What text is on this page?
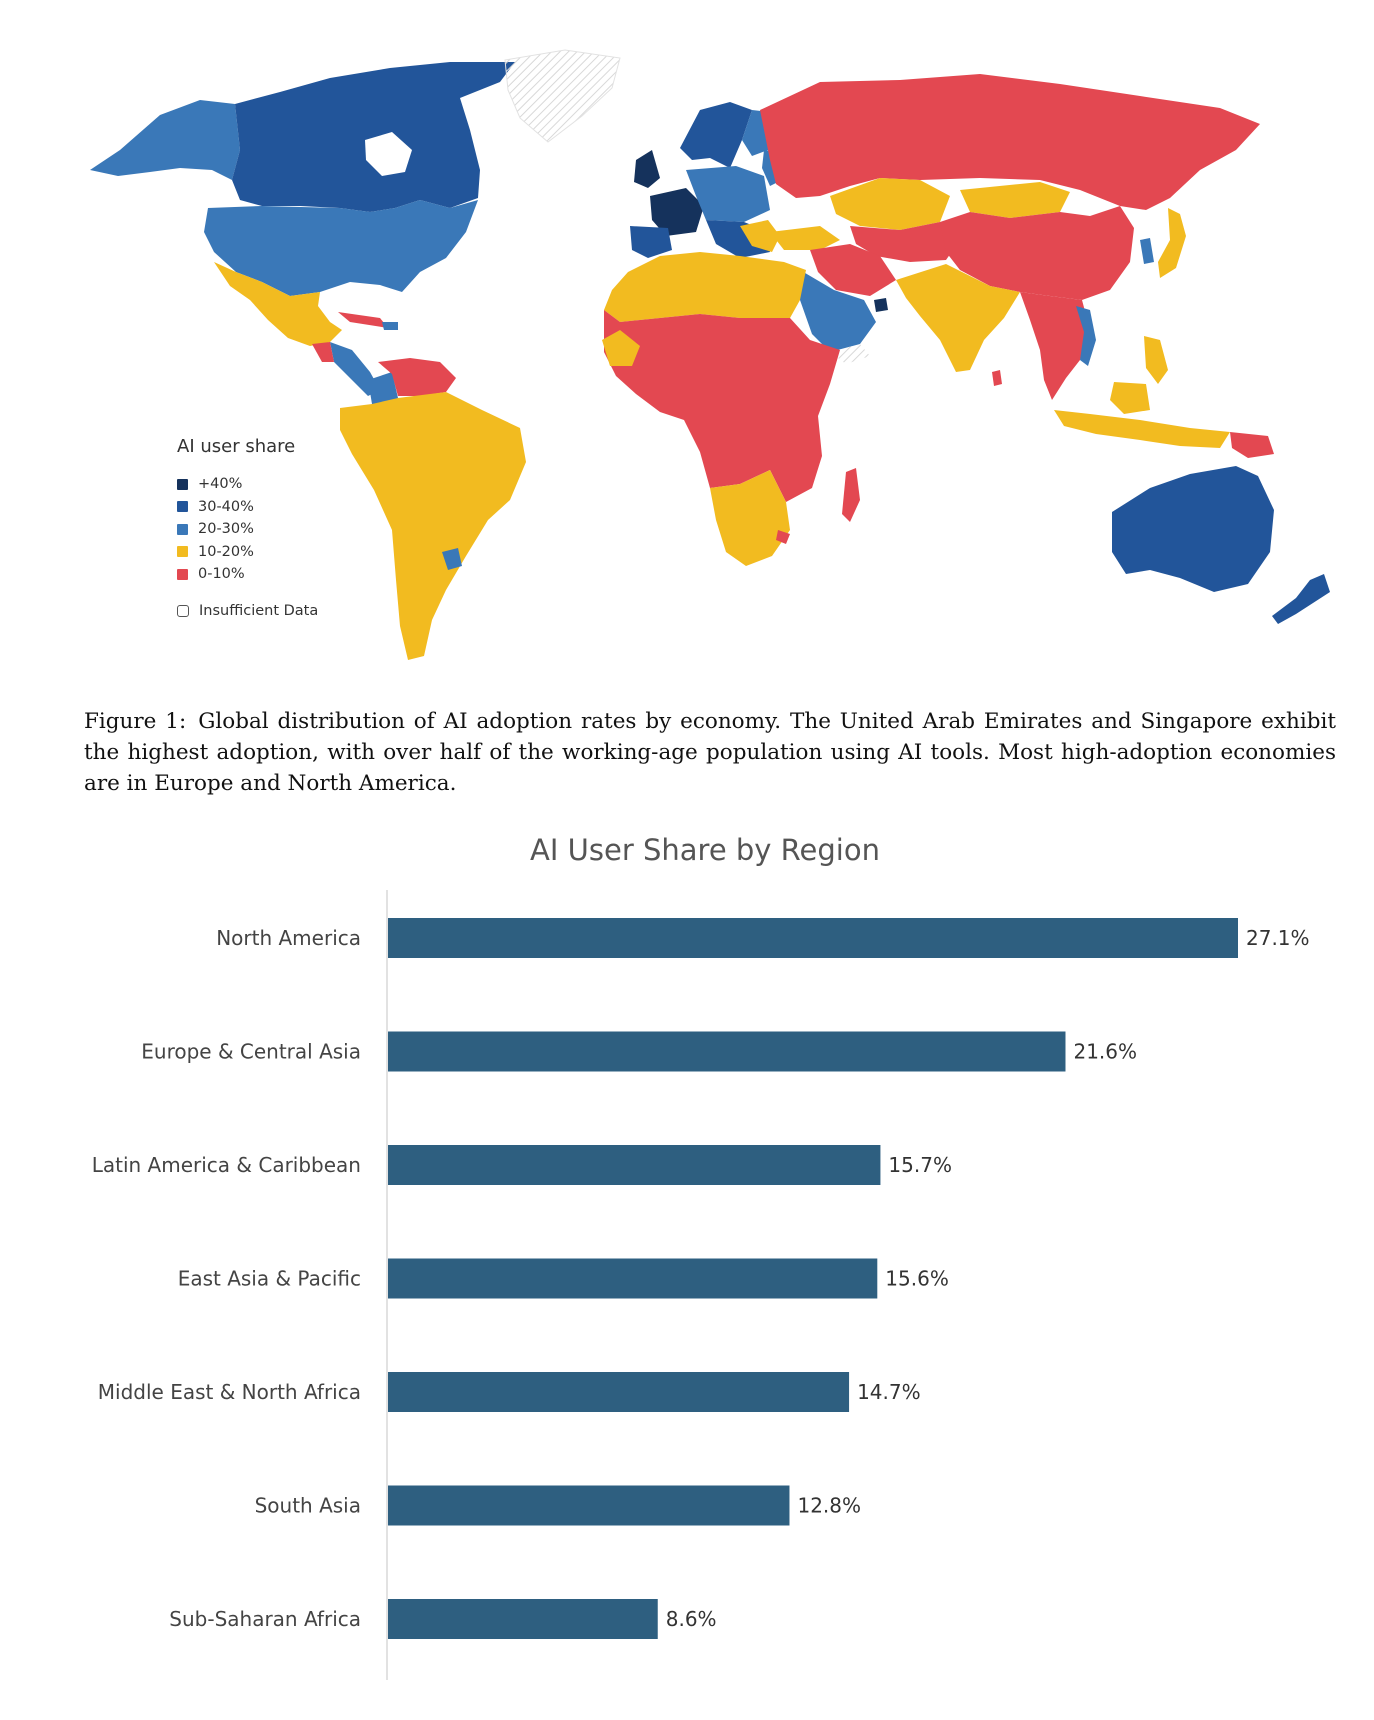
AI user share
+40%
30-40%
20-30%
10-20%
0-10%
Insufficient Data
Figure 1: Global distribution of AI adoption rates by economy. The United Arab Emirates and Singapore exhibit the highest adoption, with over half of the working-age population using AI tools. Most high-adoption economies are in Europe and North America.
AI User Share by Region
North America	27.1%
Europe & Central Asia	21.6%
Latin America & Caribbean	15.7%
East Asia & Pacific	15.6%
Middle East & North Africa	14.7%
South Asia	12.8%
Sub-Saharan Africa	8.6%
